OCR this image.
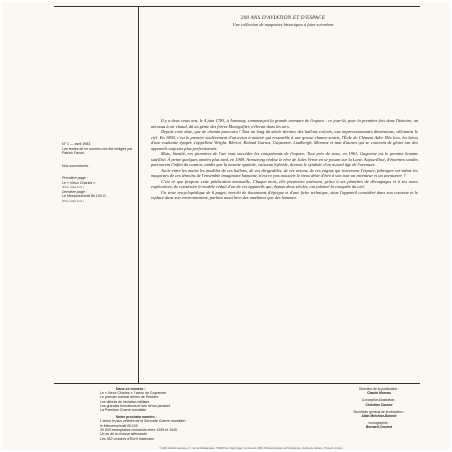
200 ANS D'AVIATION ET D'ESPACE
Une collection de maquettes historiques à faire soi-même

N° 1 — avril 1983.

Les textes de ce numéro ont été rédigés par Patrick Facon.

Nos couvertures :

Première page :

Le « Vieux Charles ».

(Phot. Atlas Frnt.)

Dernière page :

Le Messerschmitt Bf-109 G.

(Phot. Atlas Frnt.)

Il y a deux cents ans, le 4 juin 1783, à Annonay, commençait la grande aventure de l'espace : ce jour-là, pour la première fois dans l'histoire, un aérostat à air chaud, dû au génie des frères Montgolfier, s'élevait dans les airs.

Depuis cette date, que de chemin parcouru ! Tout au long du siècle dernier, des ballons colorés, aux impressionnantes dimensions, sillonnent le ciel. En 1890, c'est le premier soulèvement d'un avion à moteur qui ressemble à une grosse chauve-souris, l'Éole de Clément Ader. Dès lors, les héros d'une exaltante épopée s'appellent Wright, Blériot, Roland Garros, Guynemer, Lindbergh, Mermoz et tant d'autres qui se couvrent de gloire sur des appareils toujours plus perfectionnés.

Mais, bientôt, ces pionniers de l'air vont succéder les conquérants de l'espace. Tout près de nous, en 1961, Gagarine est le premier homme satellisé. À peine quelques années plus tard, en 1969, Armstrong réalise le rêve de Jules Verne en se posant sur la Lune. Aujourd'hui, d'énormes sondes parcourent l'infini du cosmos, tandis que la navette spatiale, vaisseau hybride, devient le symbole d'un nouvel âge de l'aventure.

Avoir entre les mains les modèles de ces ballons, de ces dirigeables, de ces avions, de ces engins qui traversent l'espace, fabriquer soi-même les maquettes de ces témoins de l'ensemble imaginaire humaine, n'est-ce pas assouvir le vieux désir d'être à son tour un inventeur et un aventurier ?

C'est ce que propose cette publication mensuelle. Chaque mois, elle permettra aisément, grâce à ses planches de découpages et à ses notes explicatives, de construire le modèle réduit d'un de ces appareils qui, depuis deux siècles, ont jalonné la conquête du ciel.

Un texte encyclopédique de 6 pages, enrichi de documents d'époque et d'une fiche technique, situe l'appareil considéré dans son contexte et le replace dans son environnement, parlant aussi bien des machines que des hommes.

Dans ce numéro :
Le « Vieux Charles », l'avion de Guynemer
Le premier combat aérien de l'histoire
Les débuts de l'aviation militaire
Les grandes formations et ses héros pendant
La Première Guerre mondiale
Notre prochain numéro :
L'avion le plus célèbre de la Seconde Guerre mondiale :
le Messerschmitt Bf-109
35 000 exemplaires construits entre 1939 et 1945.
Un as de la chasse allemande
Les 352 victoires d'Erich Hartmann
Directeur de la publication :
Claude Moreau
Conception-illustration :
Christian Causse
Secrétaire général de la rédaction :
Alain Melchior-Bonnet
Iconographie :
Bernard Crochet
© 1983 Librairie Larousse, 17, rue du Montparnasse, 75298 Paris. Dépôt légal : 2e trimestre 1983. Photocomposition et Photogravure, Imprimerie, Reliure : Printed in France
